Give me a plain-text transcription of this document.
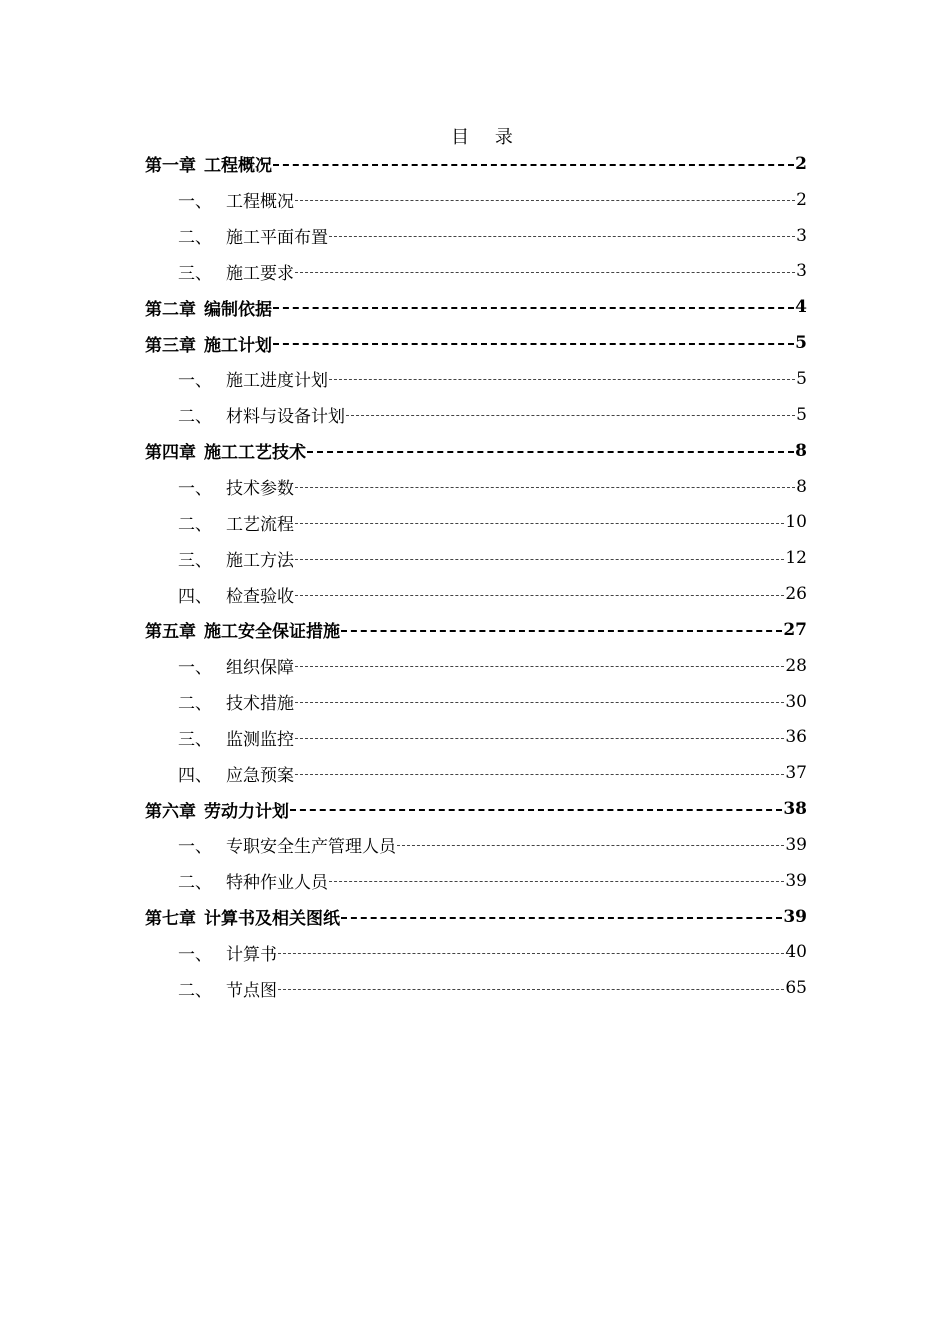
目 录
第一章 工程概况	2
一、 工程概况	2
二、 施工平面布置	3
三、 施工要求	3
第二章 编制依据	4
第三章 施工计划	5
一、 施工进度计划	5
二、 材料与设备计划	5
第四章 施工工艺技术	8
一、 技术参数	8
二、 工艺流程	10
三、 施工方法	12
四、 检查验收	26
第五章 施工安全保证措施	27
一、 组织保障	28
二、 技术措施	30
三、 监测监控	36
四、 应急预案	37
第六章 劳动力计划	38
一、 专职安全生产管理人员	39
二、 特种作业人员	39
第七章 计算书及相关图纸	39
一、 计算书	40
二、 节点图	65
